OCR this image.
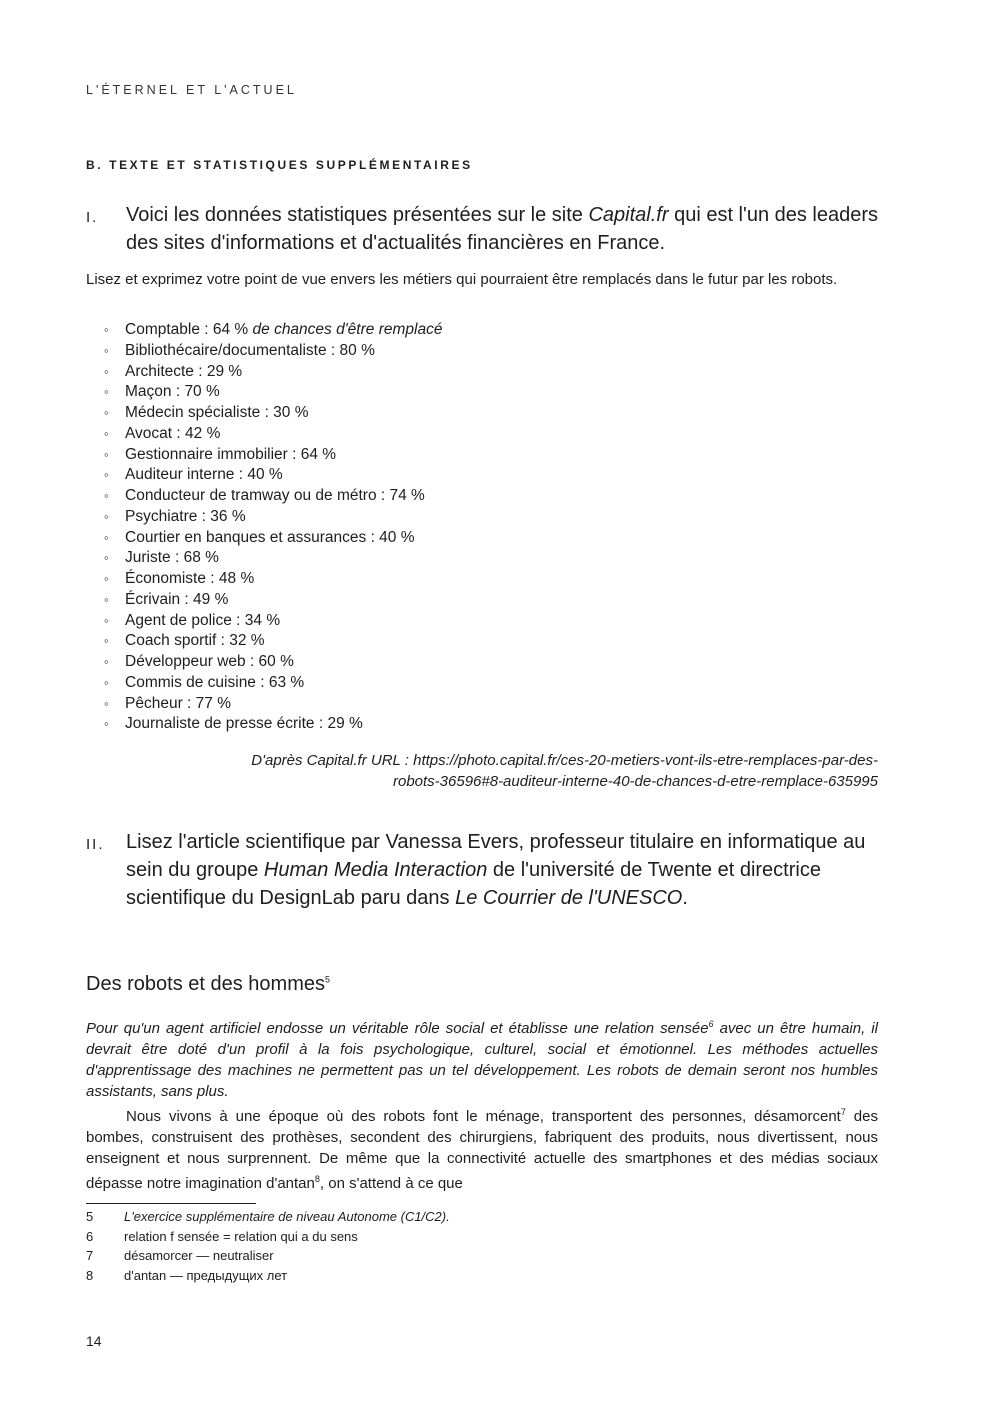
L'ÉTERNEL ET L'ACTUEL
B. TEXTE ET STATISTIQUES SUPPLÉMENTAIRES
I. Voici les données statistiques présentées sur le site Capital.fr qui est l'un des leaders des sites d'informations et d'actualités financières en France.
Lisez et exprimez votre point de vue envers les métiers qui pourraient être remplacés dans le futur par les robots.
◦ Comptable : 64 % de chances d'être remplacé
◦ Bibliothécaire/documentaliste : 80 %
◦ Architecte : 29 %
◦ Maçon : 70 %
◦ Médecin spécialiste : 30 %
◦ Avocat : 42 %
◦ Gestionnaire immobilier : 64 %
◦ Auditeur interne : 40 %
◦ Conducteur de tramway ou de métro : 74 %
◦ Psychiatre : 36 %
◦ Courtier en banques et assurances : 40 %
◦ Juriste : 68 %
◦ Économiste : 48 %
◦ Écrivain : 49 %
◦ Agent de police : 34 %
◦ Coach sportif : 32 %
◦ Développeur web : 60 %
◦ Commis de cuisine : 63 %
◦ Pêcheur : 77 %
◦ Journaliste de presse écrite : 29 %
D'après Capital.fr URL : https://photo.capital.fr/ces-20-metiers-vont-ils-etre-remplaces-par-des-
robots-36596#8-auditeur-interne-40-de-chances-d-etre-remplace-635995
II. Lisez l'article scientifique par Vanessa Evers, professeur titulaire en informatique au sein du groupe Human Media Interaction de l'université de Twente et directrice scientifique du DesignLab paru dans Le Courrier de l'UNESCO.
Des robots et des hommes$^5$

Pour qu'un agent artificiel endosse un véritable rôle social et établisse une relation sensée$^6$ avec un être humain, il devrait être doté d'un profil à la fois psychologique, culturel, social et émotionnel. Les méthodes actuelles d'apprentissage des machines ne permettent pas un tel développement. Les robots de demain seront nos humbles assistants, sans plus.

Nous vivons à une époque où des robots font le ménage, transportent des personnes, désamorcent$^7$ des bombes, construisent des prothèses, secondent des chirurgiens, fabriquent des produits, nous divertissent, nous enseignent et nous surprennent. De même que la connectivité actuelle des smartphones et des médias sociaux dépasse notre imagination d'antan$^8$, on s'attend à ce que

5 L'exercice supplémentaire de niveau Autonome (C1/C2).
6 relation f sensée = relation qui a du sens
7 désamorcer — neutraliser
8 d'antan — предыдущих лет
14
